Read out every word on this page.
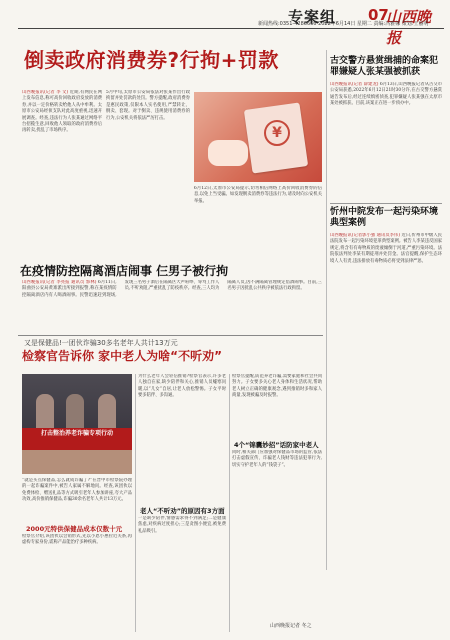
专案组 07
山西晚报
新闻热线:0351-4286666 2022年6月14日 星期二 责编:冯雅娜 策划:王丽明
倒卖政府消费券?行拘+罚款
山西晚报讯(记者 李 文) 近期,有网民在网上发布信息,称可高价回收政府发放的消费券,并以一定价格转卖给他人从中牟利。太原市公安局经侦支队对此高度重视,迅速开展调查。经查,违法行为人张某通过网络平台招揽生意,回收他人领取的政府消费券后再转卖,扰乱了市场秩序。
5月中旬,太原市公安局依法对张某作出行政拘留并处罚款的处罚。警方提醒,政府消费券是惠民政策,仅限本人实名使用,严禁转让、倒卖、套现。对于倒卖、违规使用消费券的行为,公安机关将依法严厉打击。
¥
6月12日,太原市公安局提示,切勿相信网络上高价回收消费券的信息,以免上当受骗。如发现倒卖消费券等违法行为,请及时向公安机关举报。
古交警方悬赏缉捕的命案犯罪嫌疑人张某强被抓获
山西晚报讯(记者 薛建龙) 6月13日,山西晚报记者从古交市公安局获悉,2022年6月12日21时30分许,在古交警方悬赏通告发布后,经过连续缜密侦查,犯罪嫌疑人张某强在太原市某处被抓获。目前,该案正在进一步侦办中。
忻州中院发布一起污染环境典型案例
山西晚报讯(记者郭小强 通讯员李伟) 近日,忻州市中级人民法院发布一起污染环境犯罪典型案例。被告人李某违反国家规定,将含有有毒物质的废液倾倒于河道,严重污染环境。法院依法判处李某有期徒刑并处罚金。法官提醒,保护生态环境人人有责,违法排放有毒物质必将受到法律严惩。
在疫情防控隔离酒店闹事 仨男子被行拘
山西晚报讯(记者 李亮报 通讯员 郭林) 6月11日,阳曲县公安局黄寨派出所接到报警,称在某疫情防控隔离酒店内有人喝酒闹事。民警迅速赶到现场,发现三名男子酒后在隔离区大声喧哗、辱骂工作人员,不听劝阻,严重扰乱了防疫秩序。经查,三人均为隔离人员,因不满隔离管理规定借酒闹事。目前,三名男子因扰乱公共秩序被依法行政拘留。
又是保健品!一团伙诈骗30多名老年人共计13万元
检察官告诉你 家中老人为啥“不听劝”
打击整治养老诈骗专项行动
“就是买点保健品,怎么就成诈骗了?”在晋中市检察院办理的一起诈骗案件中,被告人家属不解地问。经查,该团伙以免费体检、赠送礼品等方式吸引老年人参加讲座,夸大产品功效,高价推销保健品,诈骗30余名老年人共计13万元。
2000元特供保健品成本仅数十元
检察官介绍,该团伙以会销形式,先以小恩小惠拉近关系,再虚构专家身份,谎称产品能治疗多种疾病。
为什么老年人会轻信推销?检察官表示,许多老人独自在家,缺少陪伴和关心,推销人员嘘寒问暖,以“儿女”自居,让老人放松警惕。子女平时要多陪伴、多沟通。
老人“不听劝”的原因有3方面
一是缺少陪伴,情感需求得不到满足;二是健康焦虑,对疾病过度担心;三是贪图小便宜,被免费礼品吸引。
检察官提醒,防范养老诈骗,需要家庭和社会共同努力。子女要多关心老人身体和生活状况,帮助老人树立正确的健康观念,遇到推销时多和家人商量,发现被骗及时报警。
4个“锦囊妙招”话防家中老人
同时,相关部门应加强对保健品市场的监管,依法打击虚假宣传、诈骗老人钱财等违法犯罪行为,切实守护老年人的“钱袋子”。
山西晚报记者 冬之
